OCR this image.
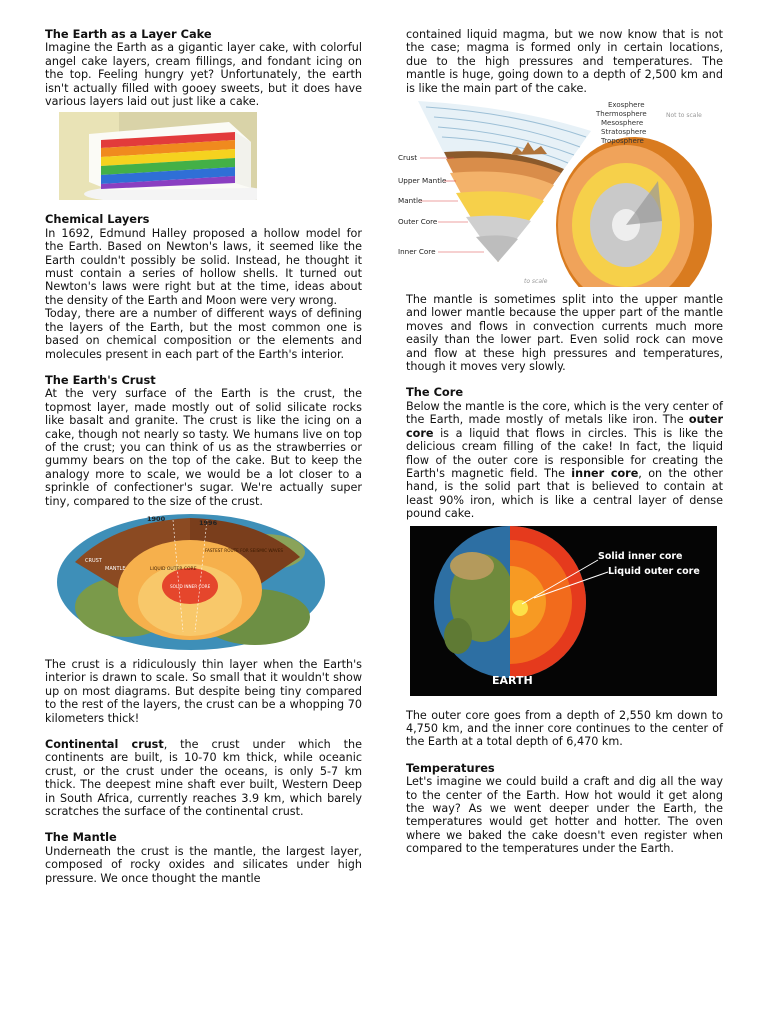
The Earth as a Layer Cake

Imagine the Earth as a gigantic layer cake, with colorful angel cake layers, cream fillings, and fondant icing on the top. Feeling hungry yet? Unfortunately, the earth isn't actually filled with gooey sweets, but it does have various layers laid out just like a cake.

Chemical Layers

In 1692, Edmund Halley proposed a hollow model for the Earth. Based on Newton's laws, it seemed like the Earth couldn't possibly be solid. Instead, he thought it must contain a series of hollow shells. It turned out Newton's laws were right but at the time, ideas about the density of the Earth and Moon were very wrong.

Today, there are a number of different ways of defining the layers of the Earth, but the most common one is based on chemical composition or the elements and molecules present in each part of the Earth's interior.

The Earth's Crust

At the very surface of the Earth is the crust, the topmost layer, made mostly out of solid silicate rocks like basalt and granite. The crust is like the icing on a cake, though not nearly so tasty. We humans live on top of the crust; you can think of us as the strawberries or gummy bears on the top of the cake. But to keep the analogy more to scale, we would be a lot closer to a sprinkle of confectioner's sugar. We're actually super tiny, compared to the size of the crust.

1900	1996
CRUST
MANTLE	LIQUID OUTER CORE
SOLID INNER CORE
FASTEST ROUTE FOR SEISMIC WAVES

The crust is a ridiculously thin layer when the Earth's interior is drawn to scale. So small that it wouldn't show up on most diagrams. But despite being tiny compared to the rest of the layers, the crust can be a whopping 70 kilometers thick!

Continental crust, the crust under which the continents are built, is 10-70 km thick, while oceanic crust, or the crust under the oceans, is only 5-7 km thick. The deepest mine shaft ever built, Western Deep in South Africa, currently reaches 3.9 km, which barely scratches the surface of the continental crust.

The Mantle

Underneath the crust is the mantle, the largest layer, composed of rocky oxides and silicates under high pressure. We once thought the mantle

contained liquid magma, but we now know that is not the case; magma is formed only in certain locations, due to the high pressures and temperatures. The mantle is huge, going down to a depth of 2,500 km and is like the main part of the cake.

Exosphere
Thermosphere
Mesosphere
Stratosphere
Troposphere
Not to scale
Crust
Upper Mantle
Mantle
Outer Core
Inner Core
to scale

The mantle is sometimes split into the upper mantle and lower mantle because the upper part of the mantle moves and flows in convection currents much more easily than the lower part. Even solid rock can move and flow at these high pressures and temperatures, though it moves very slowly.

The Core

Below the mantle is the core, which is the very center of the Earth, made mostly of metals like iron. The outer core is a liquid that flows in circles. This is like the delicious cream filling of the cake! In fact, the liquid flow of the outer core is responsible for creating the Earth's magnetic field. The inner core, on the other hand, is the solid part that is believed to contain at least 90% iron, which is like a central layer of dense pound cake.

Solid inner core
Liquid outer core
EARTH

The outer core goes from a depth of 2,550 km down to 4,750 km, and the inner core continues to the center of the Earth at a total depth of 6,470 km.

Temperatures

Let's imagine we could build a craft and dig all the way to the center of the Earth. How hot would it get along the way? As we went deeper under the Earth, the temperatures would get hotter and hotter. The oven where we baked the cake doesn't even register when compared to the temperatures under the Earth.
